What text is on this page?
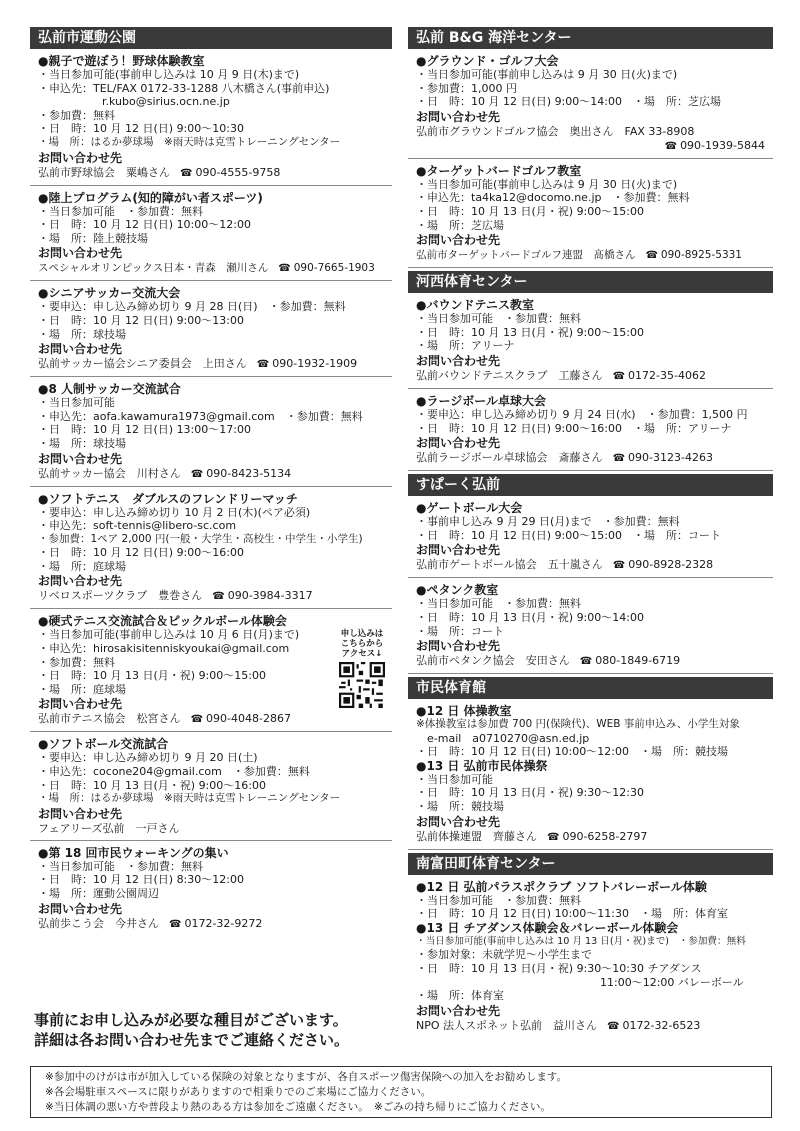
弘前市運動公園
●親子で遊ぼう！野球体験教室
・当日参加可能(事前申し込みは 10 月 9 日(木)まで)
・申込先：TEL/FAX 0172-33-1288 八木橋さん(事前申込)
r.kubo@sirius.ocn.ne.jp
・参加費：無料
・日　時：10 月 12 日(日) 9:00～10:30
・場　所：はるか夢球場　※雨天時は克雪トレーニングセンター
お問い合わせ先
弘前市野球協会　粟嶋さん ☎ 090-4555-9758
●陸上プログラム(知的障がい者スポーツ)
・当日参加可能　・参加費：無料
・日　時：10 月 12 日(日) 10:00～12:00
・場　所：陸上競技場
お問い合わせ先
スペシャルオリンピックス日本・青森　瀬川さん ☎ 090-7665-1903
●シニアサッカー交流大会
・要申込：申し込み締め切り 9 月 28 日(日)　・参加費：無料
・日　時：10 月 12 日(日) 9:00～13:00
・場　所：球技場
お問い合わせ先
弘前サッカー協会シニア委員会　上田さん ☎ 090-1932-1909
●8 人制サッカー交流試合
・当日参加可能
・申込先：aofa.kawamura1973@gmail.com　・参加費：無料
・日　時：10 月 12 日(日) 13:00～17:00
・場　所：球技場
お問い合わせ先
弘前サッカー協会　川村さん ☎ 090-8423-5134
●ソフトテニス　ダブルスのフレンドリーマッチ
・要申込：申し込み締め切り 10 月 2 日(木)(ペア必須)
・申込先：soft-tennis@libero-sc.com
・参加費：1ペア 2,000 円(一般・大学生・高校生・中学生・小学生)
・日　時：10 月 12 日(日) 9:00～16:00
・場　所：庭球場
お問い合わせ先
リベロスポーツクラブ　豊巻さん ☎ 090-3984-3317
●硬式テニス交流試合＆ピックルボール体験会
・当日参加可能(事前申し込みは 10 月 6 日(月)まで)
・申込先：hirosakisitenniskyoukai@gmail.com
・参加費：無料
・日　時：10 月 13 日(月・祝) 9:00～15:00
・場　所：庭球場
お問い合わせ先
弘前市テニス協会　松宮さん ☎ 090-4048-2867
申し込みは
こちらから
アクセス↓
●ソフトボール交流試合
・要申込：申し込み締め切り 9 月 20 日(土)
・申込先：cocone204@gmail.com　・参加費：無料
・日　時：10 月 13 日(月・祝) 9:00～16:00
・場　所：はるか夢球場　※雨天時は克雪トレーニングセンター
お問い合わせ先
フェアリーズ弘前　一戸さん
●第 18 回市民ウォーキングの集い
・当日参加可能　・参加費：無料
・日　時：10 月 12 日(日) 8:30～12:00
・場　所：運動公園周辺
お問い合わせ先
弘前歩こう会　今井さん ☎ 0172-32-9272
弘前 B&G 海洋センター
●グラウンド・ゴルフ大会
・当日参加可能(事前申し込みは 9 月 30 日(火)まで)
・参加費：1,000 円
・日　時：10 月 12 日(日) 9:00～14:00　・場　所：芝広場
お問い合わせ先
弘前市グラウンドゴルフ協会　奥出さん　FAX 33-8908
☎ 090-1939-5844
●ターゲットバードゴルフ教室
・当日参加可能(事前申し込みは 9 月 30 日(火)まで)
・申込先：ta4ka12@docomo.ne.jp　・参加費：無料
・日　時：10 月 13 日(月・祝) 9:00～15:00
・場　所：芝広場
お問い合わせ先
弘前市ターゲットバードゴルフ連盟　髙橋さん ☎ 090-8925-5331
河西体育センター
●バウンドテニス教室
・当日参加可能　・参加費：無料
・日　時：10 月 13 日(月・祝) 9:00～15:00
・場　所：アリーナ
お問い合わせ先
弘前バウンドテニスクラブ　工藤さん ☎ 0172-35-4062
●ラージボール卓球大会
・要申込：申し込み締め切り 9 月 24 日(水)　・参加費：1,500 円
・日　時：10 月 12 日(日) 9:00～16:00　・場　所：アリーナ
お問い合わせ先
弘前ラージボール卓球協会　斎藤さん ☎ 090-3123-4263
すぱーく弘前
●ゲートボール大会
・事前申し込み 9 月 29 日(月)まで　・参加費：無料
・日　時：10 月 12 日(日) 9:00～15:00　・場　所：コート
お問い合わせ先
弘前市ゲートボール協会　五十嵐さん ☎ 090-8928-2328
●ペタンク教室
・当日参加可能　・参加費：無料
・日　時：10 月 13 日(月・祝) 9:00～14:00
・場　所：コート
お問い合わせ先
弘前市ペタンク協会　安田さん ☎ 080-1849-6719
市民体育館
●12 日 体操教室
※体操教室は参加費 700 円(保険代)、WEB 事前申込み、小学生対象
　e-mail　a0710270@asn.ed.jp
・日　時：10 月 12 日(日) 10:00～12:00　・場　所：競技場
●13 日 弘前市民体操祭
・当日参加可能
・日　時：10 月 13 日(月・祝) 9:30～12:30
・場　所：競技場
お問い合わせ先
弘前体操連盟　齊藤さん ☎ 090-6258-2797
南富田町体育センター
●12 日 弘前パラスポクラブ ソフトバレーボール体験
・当日参加可能　・参加費：無料
・日　時：10 月 12 日(日) 10:00～11:30　・場　所：体育室
●13 日 チアダンス体験会＆バレーボール体験会
・当日参加可能(事前申し込みは 10 月 13 日(月・祝)まで)　・参加費：無料
・参加対象：未就学児～小学生まで
・日　時：10 月 13 日(月・祝) 9:30～10:30 チアダンス
11:00～12:00 バレーボール
・場　所：体育室
お問い合わせ先
NPO 法人スポネット弘前　益川さん ☎ 0172-32-6523
事前にお申し込みが必要な種目がございます。
詳細は各お問い合わせ先までご連絡ください。
※参加中のけがは市が加入している保険の対象となりますが、各自スポーツ傷害保険への加入をお勧めします。
※各会場駐車スペースに限りがありますので相乗りでのご来場にご協力ください。
※当日体調の悪い方や普段より熱のある方は参加をご遠慮ください。　※ごみの持ち帰りにご協力ください。
